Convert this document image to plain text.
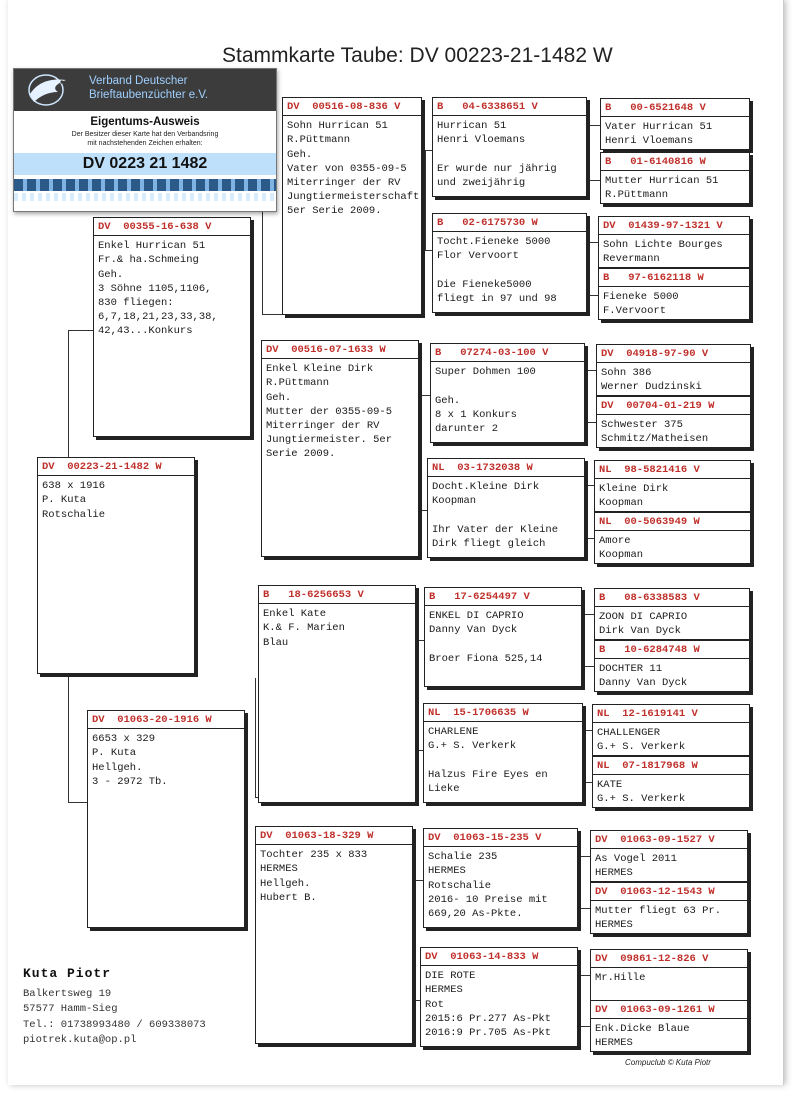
Stammkarte Taube: DV 00223-21-1482 W
DV  00223-21-1482 W
638 x 1916
P. Kuta
Rotschalie
DV  00355-16-638 V
Enkel Hurrican 51
Fr.& ha.Schmeing
Geh.
3 Söhne 1105,1106,
830 fliegen:
6,7,18,21,23,33,38,
42,43...Konkurs
DV  01063-20-1916 W
6653 x 329
P. Kuta
Hellgeh.
3 - 2972 Tb.
DV  00516-08-836 V
Sohn Hurrican 51
R.Püttmann
Geh.
Vater von 0355-09-5
Miterringer der RV
Jungtiermeisterschaft
5er Serie 2009.
DV  00516-07-1633 W
Enkel Kleine Dirk
R.Püttmann
Geh.
Mutter der 0355-09-5
Miterringer der RV
Jungtiermeister. 5er
Serie 2009.
B   18-6256653 V
Enkel Kate
K.& F. Marien
Blau
DV  01063-18-329 W
Tochter 235 x 833
HERMES
Hellgeh.
Hubert B.
B   04-6338651 V
Hurrican 51
Henri Vloemans

Er wurde nur jährig
und zweijährig
B   02-6175730 W
Tocht.Fieneke 5000
Flor Vervoort

Die Fieneke5000
fliegt in 97 und 98
B   07274-03-100 V
Super Dohmen 100

Geh.
8 x 1 Konkurs
darunter 2
NL  03-1732038 W
Docht.Kleine Dirk
Koopman

Ihr Vater der Kleine
Dirk fliegt gleich
B   17-6254497 V
ENKEL DI CAPRIO
Danny Van Dyck

Broer Fiona 525,14
NL  15-1706635 W
CHARLENE
G.+ S. Verkerk

Halzus Fire Eyes en
Lieke
DV  01063-15-235 V
Schalie 235
HERMES
Rotschalie
2016- 10 Preise mit
669,20 As-Pkte.
DV  01063-14-833 W
DIE ROTE
HERMES
Rot
2015:6 Pr.277 As-Pkt
2016:9 Pr.705 As-Pkt
B   00-6521648 V
Vater Hurrican 51
Henri Vloemans
B   01-6140816 W
Mutter Hurrican 51
R.Püttmann
DV  01439-97-1321 V
Sohn Lichte Bourges
Revermann
B   97-6162118 W
Fieneke 5000
F.Vervoort
DV  04918-97-90 V
Sohn 386
Werner Dudzinski
DV  00704-01-219 W
Schwester 375
Schmitz/Matheisen
NL  98-5821416 V
Kleine Dirk
Koopman
NL  00-5063949 W
Amore
Koopman
B   08-6338583 V
ZOON DI CAPRIO
Dirk Van Dyck
B   10-6284748 W
DOCHTER 11
Danny Van Dyck
NL  12-1619141 V
CHALLENGER
G.+ S. Verkerk
NL  07-1817968 W
KATE
G.+ S. Verkerk
DV  01063-09-1527 V
As Vogel 2011
HERMES
DV  01063-12-1543 W
Mutter fliegt 63 Pr.
HERMES
DV  09861-12-826 V
Mr.Hille
DV  01063-09-1261 W
Enk.Dicke Blaue
HERMES
Verband Deutscher
Brieftaubenzüchter e.V.
Eigentums-Ausweis
Der Besitzer dieser Karte hat den Verbandsring
mit nachstehenden Zeichen erhalten:
DV 0223 21 1482
Kuta Piotr
Balkertsweg 19
57577 Hamm-Sieg
Tel.: 01738993480 / 609338073
piotrek.kuta@op.pl
Compuclub © Kuta Piotr
